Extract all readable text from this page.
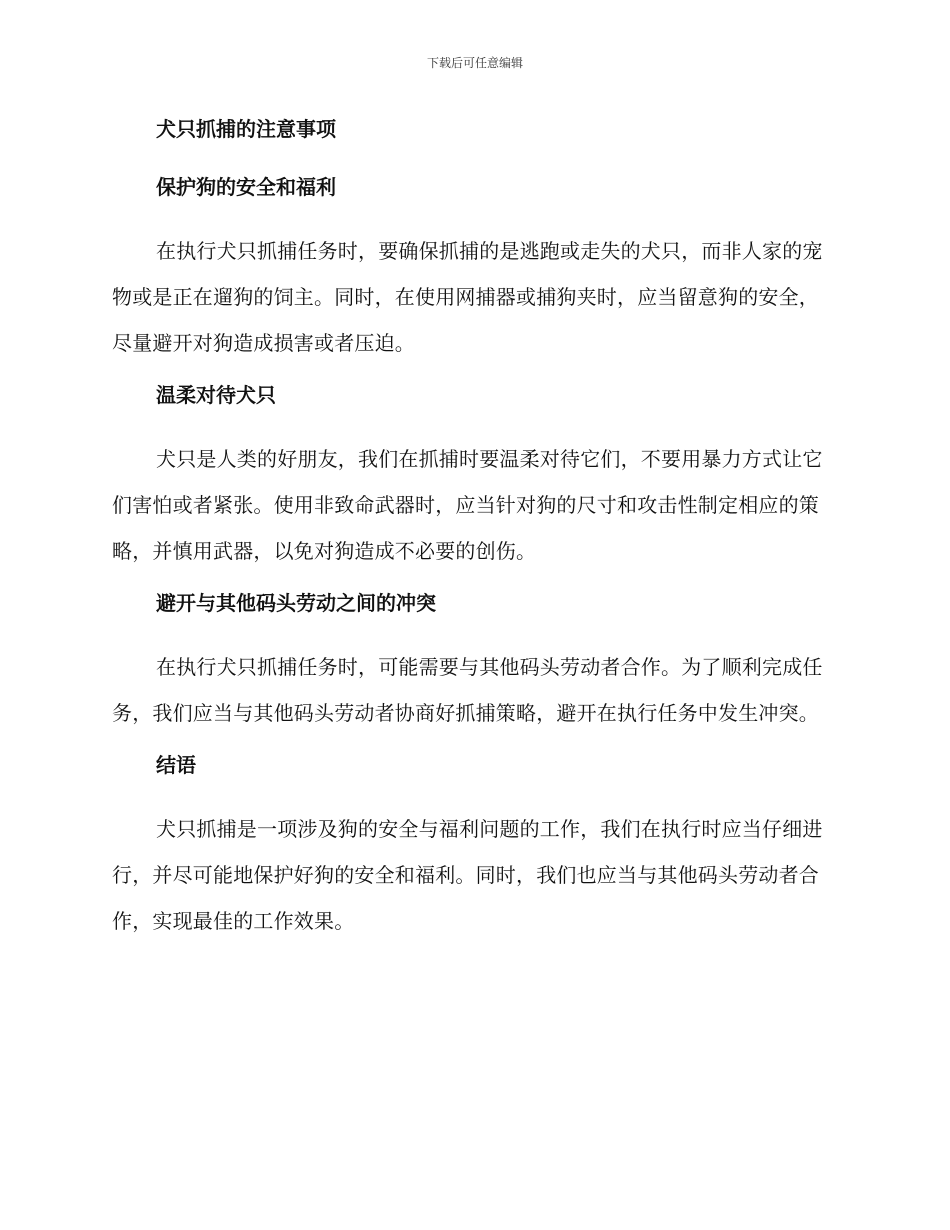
下载后可任意编辑
犬只抓捕的注意事项
保护狗的安全和福利

在执行犬只抓捕任务时，要确保抓捕的是逃跑或走失的犬只，而非人家的宠物或是正在遛狗的饲主。同时，在使用网捕器或捕狗夹时，应当留意狗的安全，尽量避开对狗造成损害或者压迫。

温柔对待犬只

犬只是人类的好朋友，我们在抓捕时要温柔对待它们，不要用暴力方式让它们害怕或者紧张。使用非致命武器时，应当针对狗的尺寸和攻击性制定相应的策略，并慎用武器，以免对狗造成不必要的创伤。

避开与其他码头劳动之间的冲突

在执行犬只抓捕任务时，可能需要与其他码头劳动者合作。为了顺利完成任务，我们应当与其他码头劳动者协商好抓捕策略，避开在执行任务中发生冲突。

结语

犬只抓捕是一项涉及狗的安全与福利问题的工作，我们在执行时应当仔细进行，并尽可能地保护好狗的安全和福利。同时，我们也应当与其他码头劳动者合作，实现最佳的工作效果。
